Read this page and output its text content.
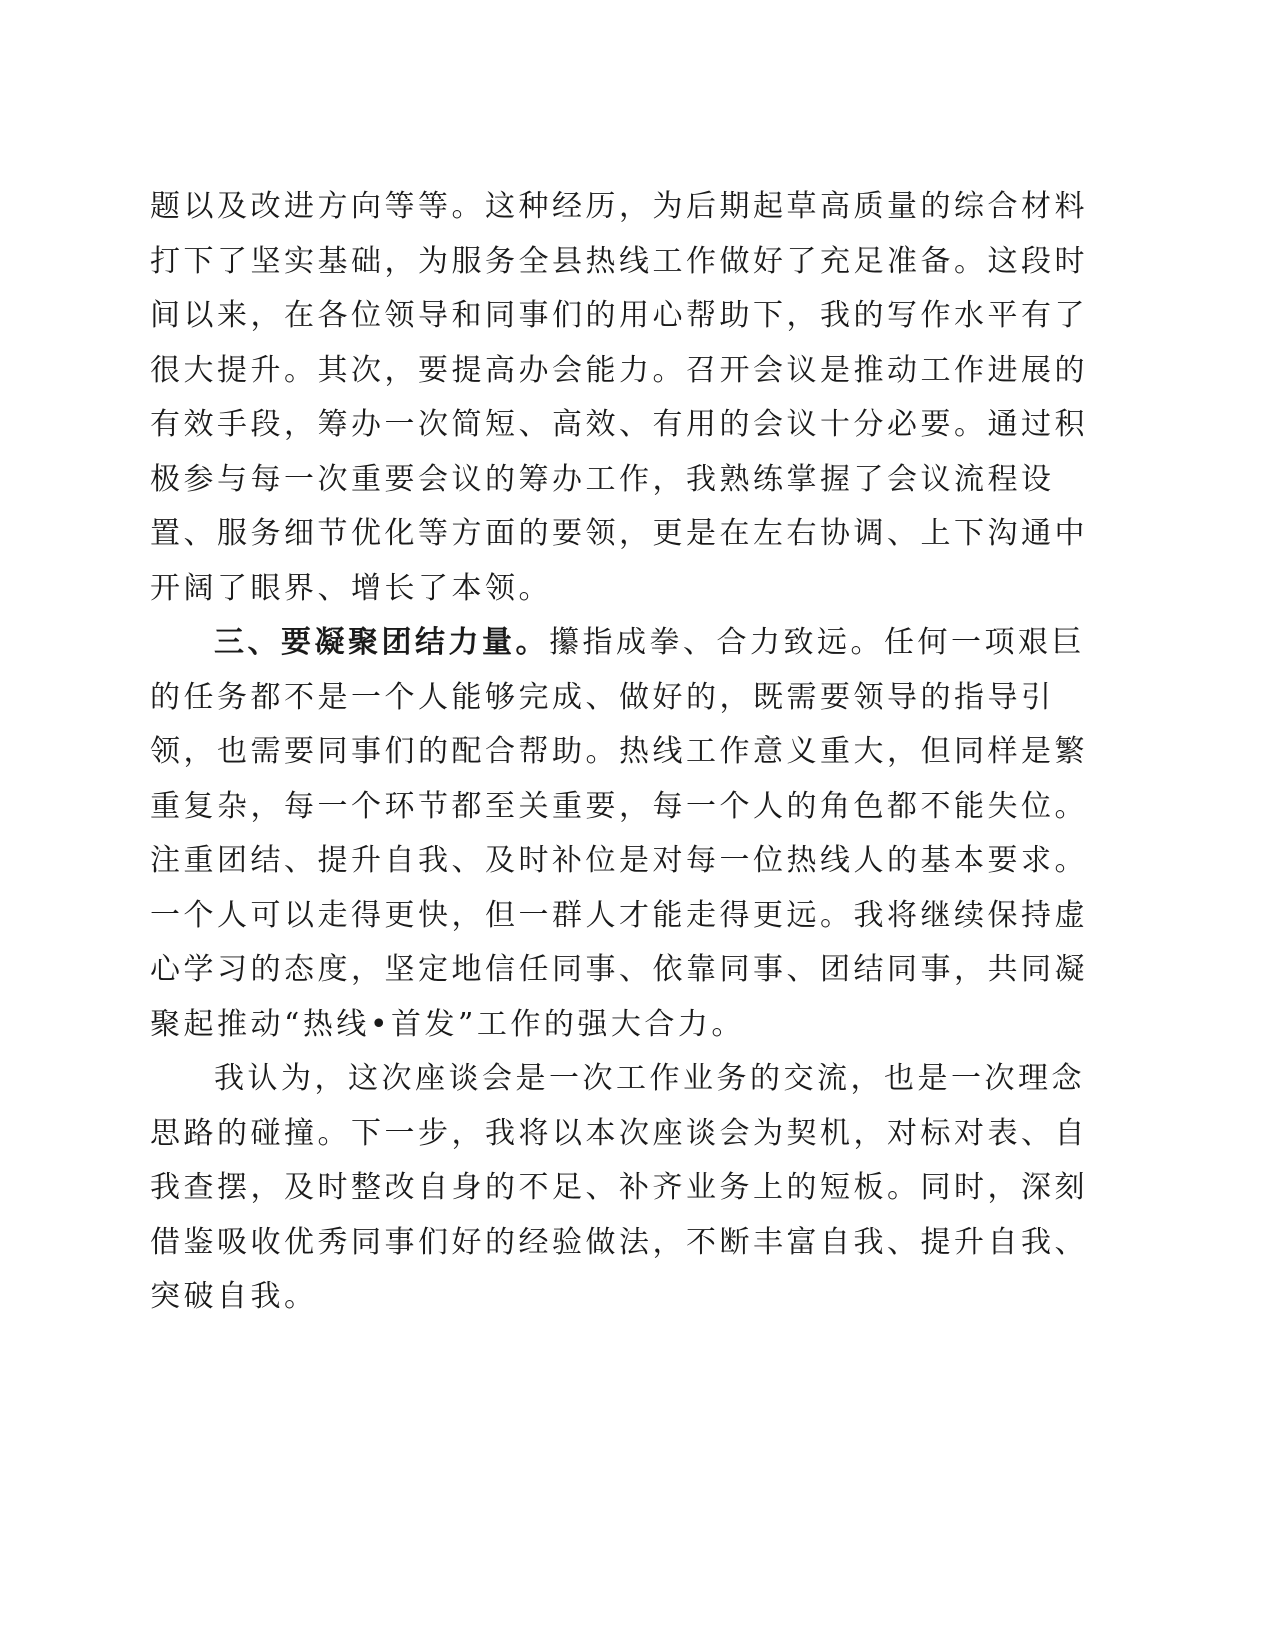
题以及改进方向等等。这种经历，为后期起草高质量的综合材料
打下了坚实基础，为服务全县热线工作做好了充足准备。这段时
间以来，在各位领导和同事们的用心帮助下，我的写作水平有了
很大提升。其次，要提高办会能力。召开会议是推动工作进展的
有效手段，筹办一次简短、高效、有用的会议十分必要。通过积
极参与每一次重要会议的筹办工作，我熟练掌握了会议流程设
置、服务细节优化等方面的要领，更是在左右协调、上下沟通中
开阔了眼界、增长了本领。
三、要凝聚团结力量。攥指成拳、合力致远。任何一项艰巨
的任务都不是一个人能够完成、做好的，既需要领导的指导引
领，也需要同事们的配合帮助。热线工作意义重大，但同样是繁
重复杂，每一个环节都至关重要，每一个人的角色都不能失位。
注重团结、提升自我、及时补位是对每一位热线人的基本要求。
一个人可以走得更快，但一群人才能走得更远。我将继续保持虚
心学习的态度，坚定地信任同事、依靠同事、团结同事，共同凝
聚起推动“热线•首发”工作的强大合力。
我认为，这次座谈会是一次工作业务的交流，也是一次理念
思路的碰撞。下一步，我将以本次座谈会为契机，对标对表、自
我查摆，及时整改自身的不足、补齐业务上的短板。同时，深刻
借鉴吸收优秀同事们好的经验做法，不断丰富自我、提升自我、
突破自我。
